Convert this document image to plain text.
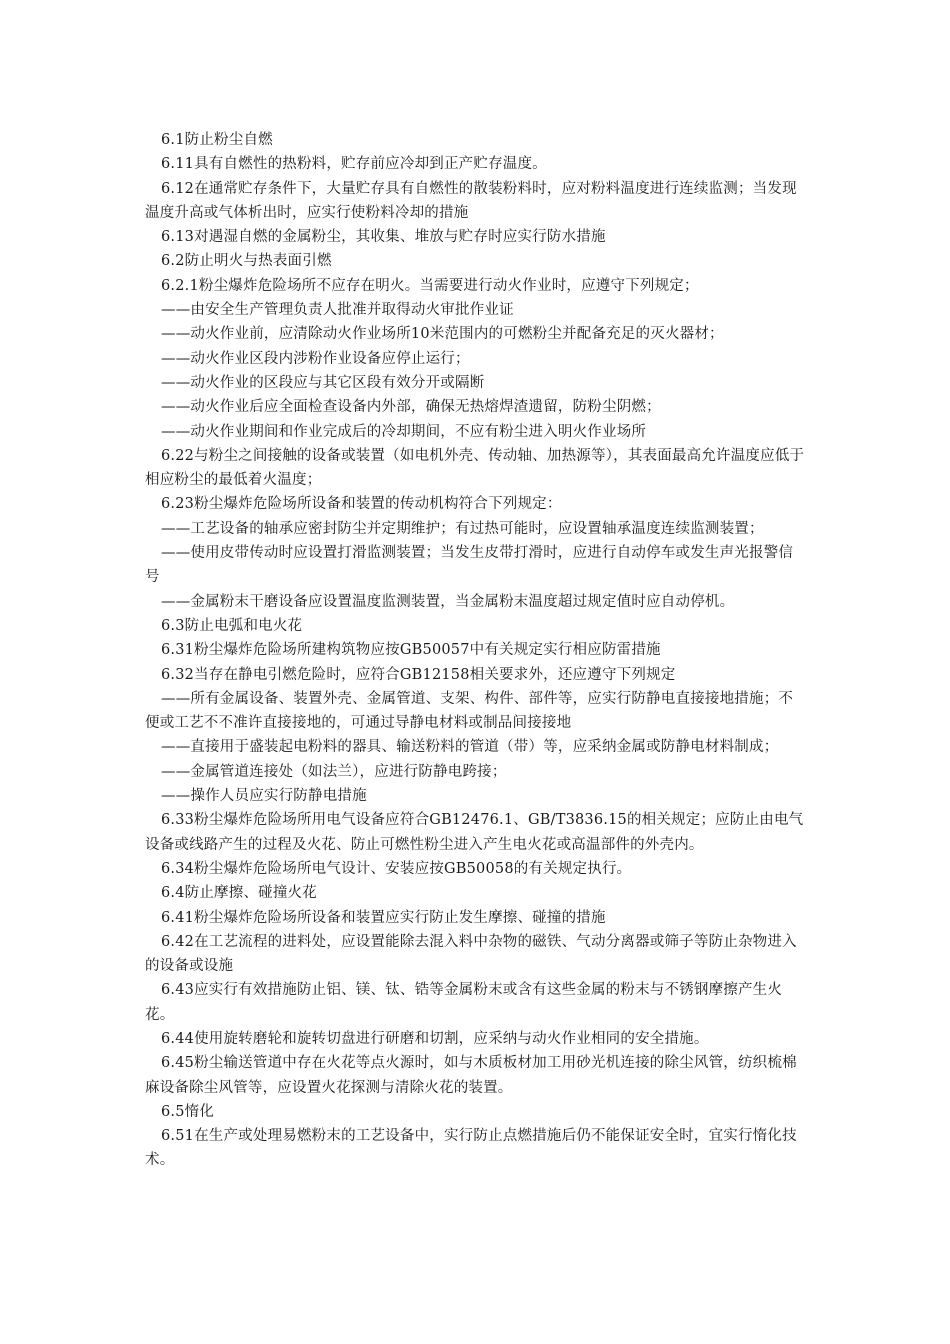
6.1防止粉尘自燃

6.11具有自燃性的热粉料，贮存前应冷却到正产贮存温度。

6.12在通常贮存条件下，大量贮存具有自燃性的散装粉料时，应对粉料温度进行连续监测；当发现温度升高或气体析出时，应实行使粉料冷却的措施

6.13对遇湿自燃的金属粉尘，其收集、堆放与贮存时应实行防水措施

6.2防止明火与热表面引燃

6.2.1粉尘爆炸危险场所不应存在明火。当需要进行动火作业时，应遵守下列规定；

——由安全生产管理负责人批准并取得动火审批作业证

——动火作业前，应清除动火作业场所10米范围内的可燃粉尘并配备充足的灭火器材；

——动火作业区段内涉粉作业设备应停止运行；

——动火作业的区段应与其它区段有效分开或隔断

——动火作业后应全面检查设备内外部，确保无热熔焊渣遗留，防粉尘阴燃；

——动火作业期间和作业完成后的冷却期间，不应有粉尘进入明火作业场所

6.22与粉尘之间接触的设备或装置（如电机外壳、传动轴、加热源等），其表面最高允许温度应低于相应粉尘的最低着火温度；

6.23粉尘爆炸危险场所设备和装置的传动机构符合下列规定：

——工艺设备的轴承应密封防尘并定期维护；有过热可能时，应设置轴承温度连续监测装置；

——使用皮带传动时应设置打滑监测装置；当发生皮带打滑时，应进行自动停车或发生声光报警信号

——金属粉末干磨设备应设置温度监测装置，当金属粉末温度超过规定值时应自动停机。

6.3防止电弧和电火花

6.31粉尘爆炸危险场所建构筑物应按GB50057中有关规定实行相应防雷措施

6.32当存在静电引燃危险时，应符合GB12158相关要求外，还应遵守下列规定

——所有金属设备、装置外壳、金属管道、支架、构件、部件等，应实行防静电直接接地措施；不便或工艺不不准许直接接地的，可通过导静电材料或制品间接接地

——直接用于盛装起电粉料的器具、输送粉料的管道（带）等，应采纳金属或防静电材料制成；

——金属管道连接处（如法兰），应进行防静电跨接；

——操作人员应实行防静电措施

6.33粉尘爆炸危险场所用电气设备应符合GB12476.1、GB/T3836.15的相关规定；应防止由电气设备或线路产生的过程及火花、防止可燃性粉尘进入产生电火花或高温部件的外壳内。

6.34粉尘爆炸危险场所电气设计、安装应按GB50058的有关规定执行。

6.4防止摩擦、碰撞火花

6.41粉尘爆炸危险场所设备和装置应实行防止发生摩擦、碰撞的措施

6.42在工艺流程的进料处，应设置能除去混入料中杂物的磁铁、气动分离器或筛子等防止杂物进入的设备或设施

6.43应实行有效措施防止铝、镁、钛、锆等金属粉末或含有这些金属的粉末与不锈钢摩擦产生火花。

6.44使用旋转磨轮和旋转切盘进行研磨和切割，应采纳与动火作业相同的安全措施。

6.45粉尘输送管道中存在火花等点火源时，如与木质板材加工用砂光机连接的除尘风管，纺织梳棉麻设备除尘风管等，应设置火花探测与清除火花的装置。

6.5惰化

6.51在生产或处理易燃粉末的工艺设备中，实行防止点燃措施后仍不能保证安全时，宜实行惰化技术。
